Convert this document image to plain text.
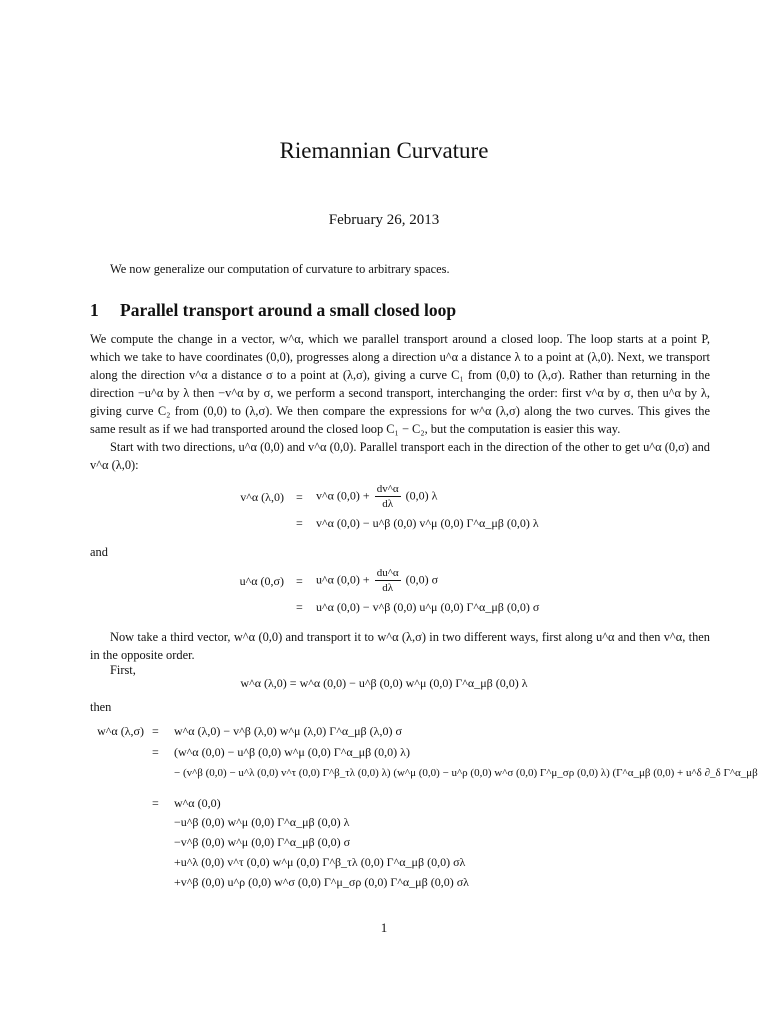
Riemannian Curvature
February 26, 2013
We now generalize our computation of curvature to arbitrary spaces.
1 Parallel transport around a small closed loop
We compute the change in a vector, w^α, which we parallel transport around a closed loop. The loop starts at a point P, which we take to have coordinates (0,0), progresses along a direction u^α a distance λ to a point at (λ,0). Next, we transport along the direction v^α a distance σ to a point at (λ,σ), giving a curve C₁ from (0,0) to (λ,σ). Rather than returning in the direction −u^α by λ then −v^α by σ, we perform a second transport, interchanging the order: first v^α by σ, then u^α by λ, giving curve C₂ from (0,0) to (λ,σ). We then compare the expressions for w^α (λ,σ) along the two curves. This gives the same result as if we had transported around the closed loop C₁ − C₂, but the computation is easier this way.
Start with two directions, u^α (0,0) and v^α (0,0). Parallel transport each in the direction of the other to get u^α (0,σ) and v^α (λ,0):
v^α (λ,0) = v^α $(0,0) + \frac{dv\^{}\alpha}{d\lambda} (0,0)$ λ
= v^α (0,0) − u^β (0,0) v^μ (0,0) Γ^α_μβ (0,0) λ
and
u^α (0,σ) = u^α $(0,0) + \frac{du\^{}\alpha}{d\lambda} (0,0)$ σ
= u^α (0,0) − v^β (0,0) u^μ (0,0) Γ^α_μβ (0,0) σ
Now take a third vector, w^α (0,0) and transport it to w^α (λ,σ) in two different ways, first along u^α and then v^α, then in the opposite order.
First,
w^α (λ,0) = w^α (0,0) − u^β (0,0) w^μ (0,0) Γ^α_μβ (0,0) λ
then
w^α (λ,σ) = w^α (λ,0) − v^β (λ,0) w^μ (λ,0) Γ^α_μβ (λ,0) σ
= (w^α (0,0) − u^β (0,0) w^μ (0,0) Γ^α_μβ (0,0) λ)
− (v^β (0,0) − u^λ (0,0) v^τ (0,0) Γ^β_τλ (0,0) λ) (w^μ (0,0) − u^ρ (0,0) w^σ (0,0) Γ^μ_σρ (0,0) λ) (Γ^α_μβ (0,0) + u^δ ∂_δ Γ^α_μβ
= w^α (0,0)
−u^β (0,0) w^μ (0,0) Γ^α_μβ (0,0) λ
−v^β (0,0) w^μ (0,0) Γ^α_μβ (0,0) σ
+u^λ (0,0) v^τ (0,0) w^μ (0,0) Γ^β_τλ (0,0) Γ^α_μβ (0,0) σλ
+v^β (0,0) u^ρ (0,0) w^σ (0,0) Γ^μ_σρ (0,0) Γ^α_μβ (0,0) σλ
1
